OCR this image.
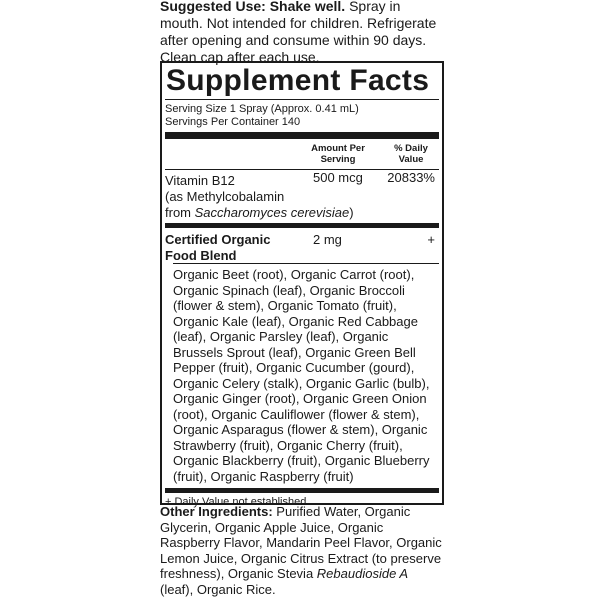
Suggested Use: Shake well. Spray in mouth. Not intended for children. Refrigerate after opening and consume within 90 days. Clean cap after each use.
Supplement Facts
Serving Size 1 Spray (Approx. 0.41 mL)
Servings Per Container 140
Amount Per Serving
% Daily Value
Vitamin B12
(as Methylcobalamin
from Saccharomyces cerevisiae)
500 mcg 20833%
Certified Organic
Food Blend
2 mg	+

Organic Beet (root), Organic Carrot (root), Organic Spinach (leaf), Organic Broccoli (flower & stem), Organic Tomato (fruit), Organic Kale (leaf), Organic Red Cabbage (leaf), Organic Parsley (leaf), Organic Brussels Sprout (leaf), Organic Green Bell Pepper (fruit), Organic Cucumber (gourd), Organic Celery (stalk), Organic Garlic (bulb), Organic Ginger (root), Organic Green Onion (root), Organic Cauliflower (flower & stem), Organic Asparagus (flower & stem), Organic Strawberry (fruit), Organic Cherry (fruit), Organic Blackberry (fruit), Organic Blueberry (fruit), Organic Raspberry (fruit)

+ Daily Value not established.
Other Ingredients: Purified Water, Organic Glycerin, Organic Apple Juice, Organic Raspberry Flavor, Mandarin Peel Flavor, Organic Lemon Juice, Organic Citrus Extract (to preserve freshness), Organic Stevia Rebaudioside A (leaf), Organic Rice.
